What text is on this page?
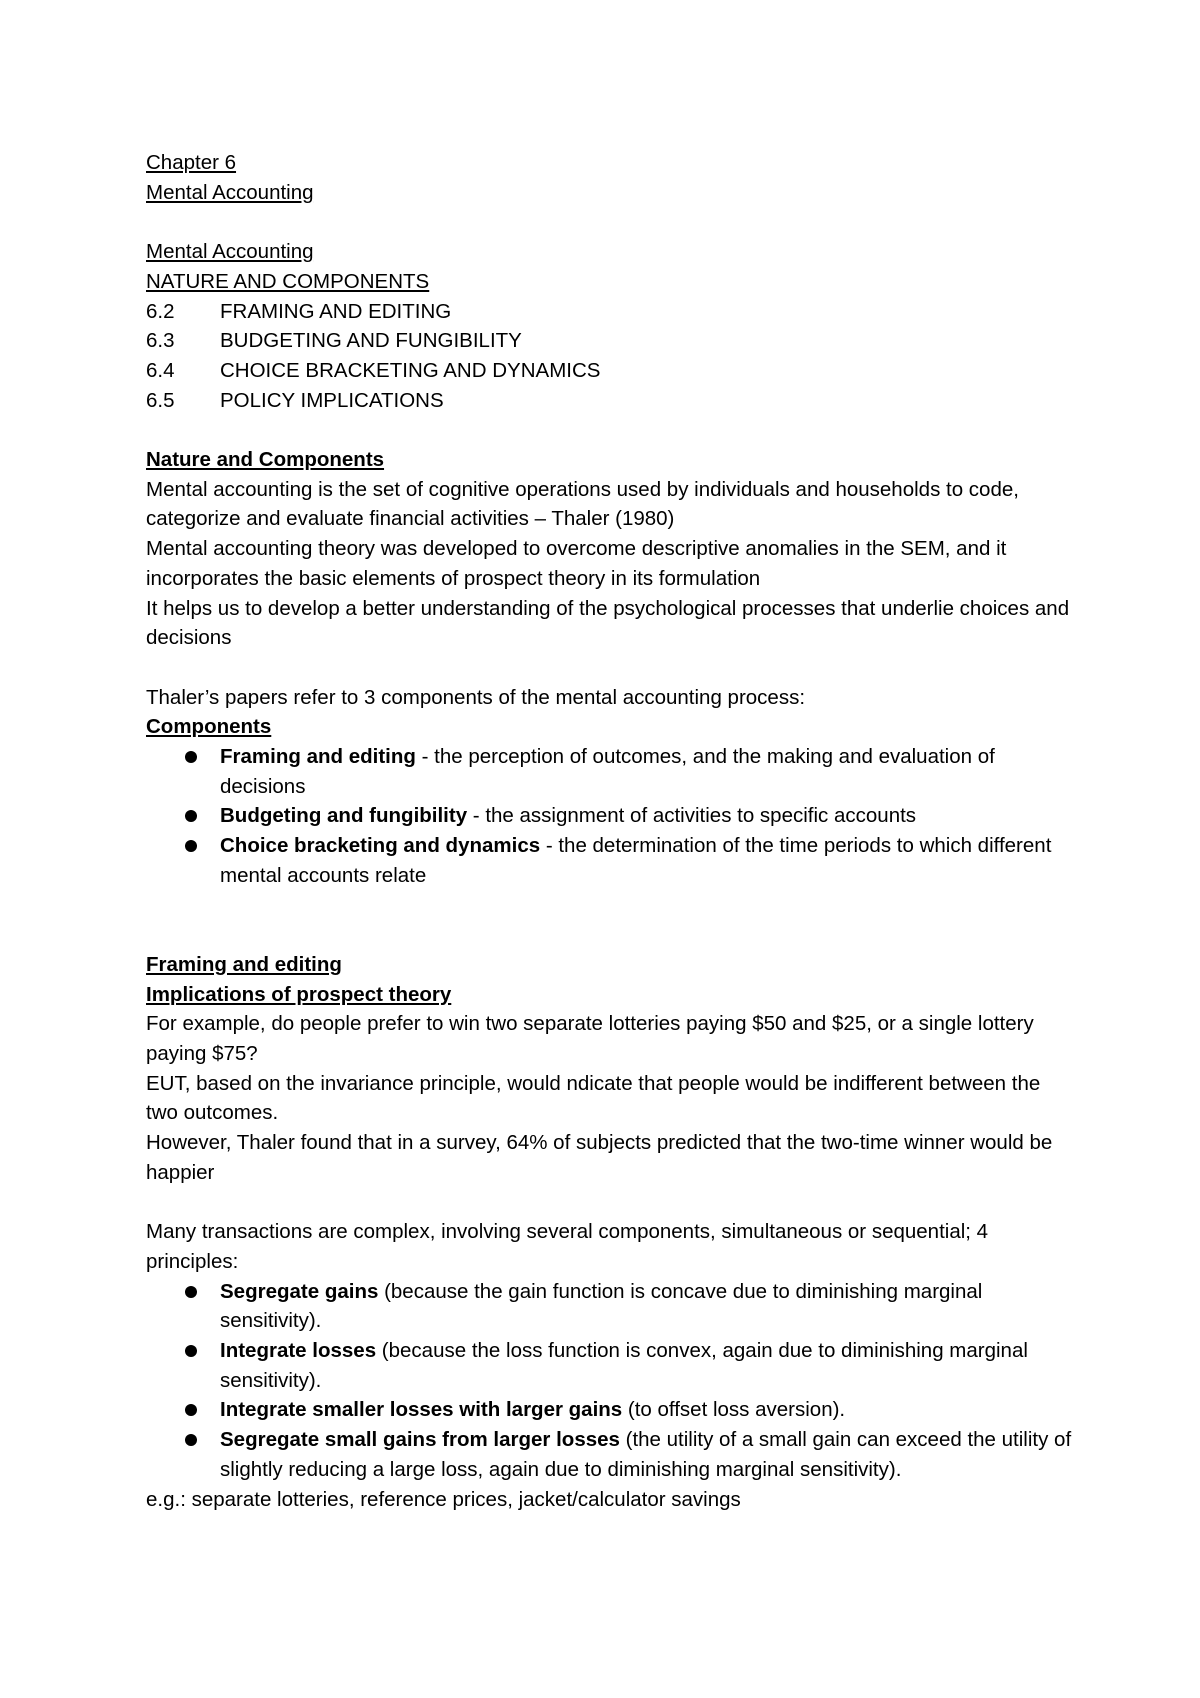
Chapter 6
Mental Accounting
Mental Accounting
NATURE AND COMPONENTS
6.2 FRAMING AND EDITING
6.3 BUDGETING AND FUNGIBILITY
6.4 CHOICE BRACKETING AND DYNAMICS
6.5 POLICY IMPLICATIONS
Nature and Components
Mental accounting is the set of cognitive operations used by individuals and households to code, categorize and evaluate financial activities – Thaler (1980)
Mental accounting theory was developed to overcome descriptive anomalies in the SEM, and it incorporates the basic elements of prospect theory in its formulation
It helps us to develop a better understanding of the psychological processes that underlie choices and decisions
Thaler’s papers refer to 3 components of the mental accounting process:
Components
Framing and editing - the perception of outcomes, and the making and evaluation of decisions
Budgeting and fungibility - the assignment of activities to specific accounts
Choice bracketing and dynamics - the determination of the time periods to which different mental accounts relate
Framing and editing
Implications of prospect theory
For example, do people prefer to win two separate lotteries paying $50 and $25, or a single lottery paying $75?
EUT, based on the invariance principle, would ndicate that people would be indifferent between the two outcomes.
However, Thaler found that in a survey, 64% of subjects predicted that the two-time winner would be happier
Many transactions are complex, involving several components, simultaneous or sequential; 4 principles:
Segregate gains (because the gain function is concave due to diminishing marginal sensitivity).
Integrate losses (because the loss function is convex, again due to diminishing marginal sensitivity).
Integrate smaller losses with larger gains (to offset loss aversion).
Segregate small gains from larger losses (the utility of a small gain can exceed the utility of slightly reducing a large loss, again due to diminishing marginal sensitivity).
e.g.: separate lotteries, reference prices, jacket/calculator savings
